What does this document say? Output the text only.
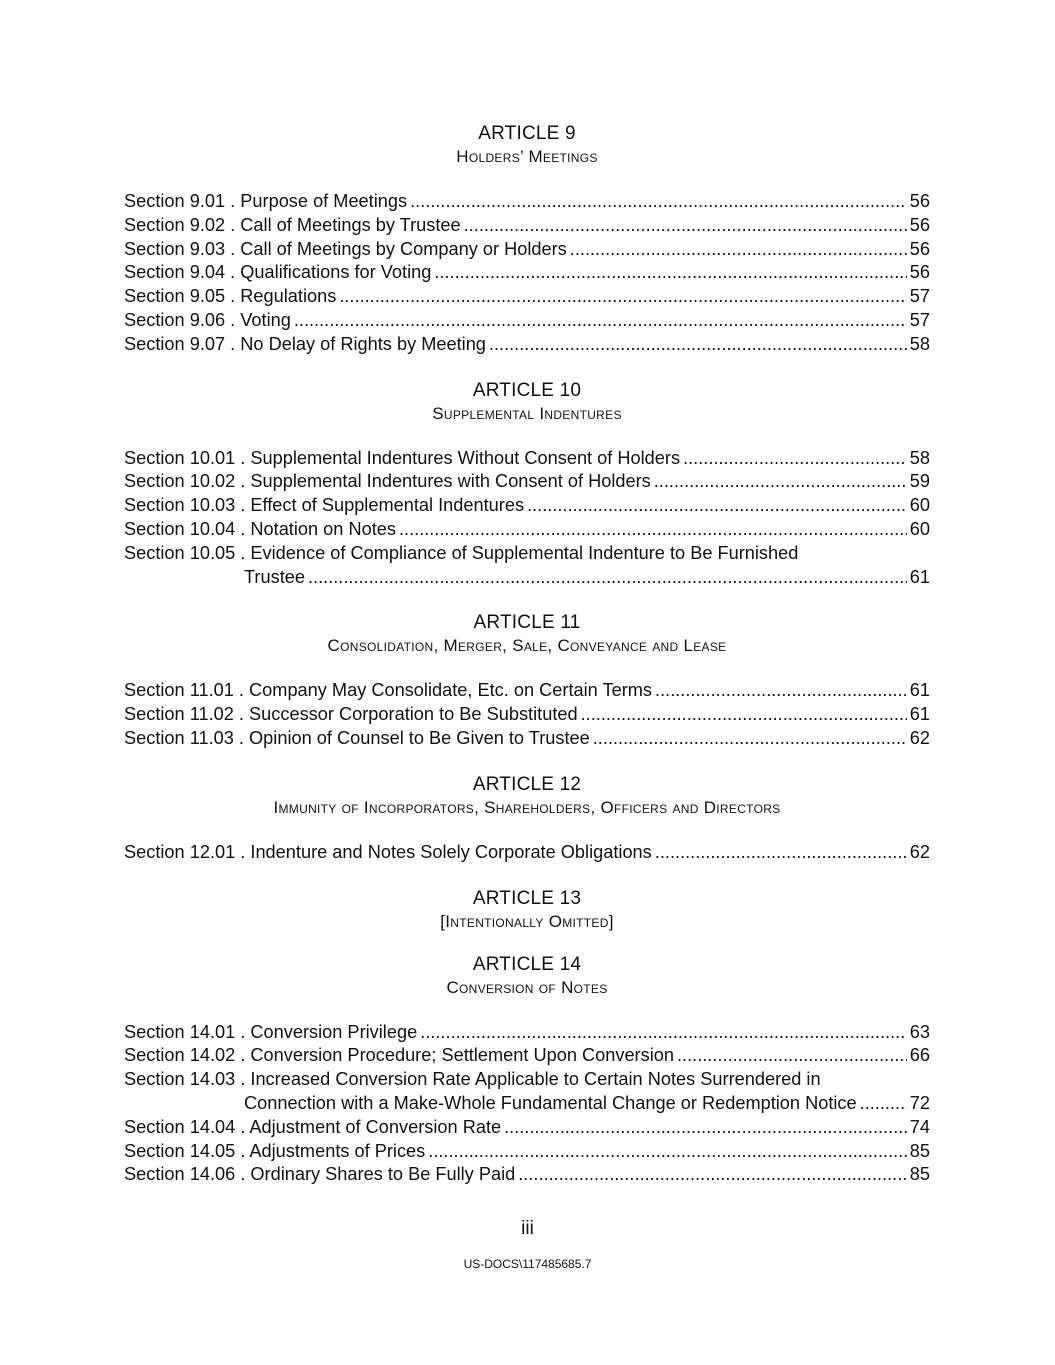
ARTICLE 9
Holders’ Meetings
Section 9.01 . Purpose of Meetings .....	56
Section 9.02 . Call of Meetings by Trustee .....	56
Section 9.03 . Call of Meetings by Company or Holders .....	56
Section 9.04 . Qualifications for Voting .....	56
Section 9.05 . Regulations .....	57
Section 9.06 . Voting .....	57
Section 9.07 . No Delay of Rights by Meeting .....	58
ARTICLE 10
Supplemental Indentures
Section 10.01 . Supplemental Indentures Without Consent of Holders .....	58
Section 10.02 . Supplemental Indentures with Consent of Holders .....	59
Section 10.03 . Effect of Supplemental Indentures .....	60
Section 10.04 . Notation on Notes .....	60
Section 10.05 . Evidence of Compliance of Supplemental Indenture to Be Furnished
Trustee .....	61
ARTICLE 11
Consolidation, Merger, Sale, Conveyance and Lease
Section 11.01 . Company May Consolidate, Etc. on Certain Terms .....	61
Section 11.02 . Successor Corporation to Be Substituted .....	61
Section 11.03 . Opinion of Counsel to Be Given to Trustee .....	62
ARTICLE 12
Immunity of Incorporators, Shareholders, Officers and Directors
Section 12.01 . Indenture and Notes Solely Corporate Obligations .....	62
ARTICLE 13
[Intentionally Omitted]
ARTICLE 14
Conversion of Notes
Section 14.01 . Conversion Privilege .....	63
Section 14.02 . Conversion Procedure; Settlement Upon Conversion .....	66
Section 14.03 . Increased Conversion Rate Applicable to Certain Notes Surrendered in
Connection with a Make-Whole Fundamental Change or Redemption Notice .....	72
Section 14.04 . Adjustment of Conversion Rate .....	74
Section 14.05 . Adjustments of Prices .....	85
Section 14.06 . Ordinary Shares to Be Fully Paid .....	85
iii
US-DOCS\117485685.7
